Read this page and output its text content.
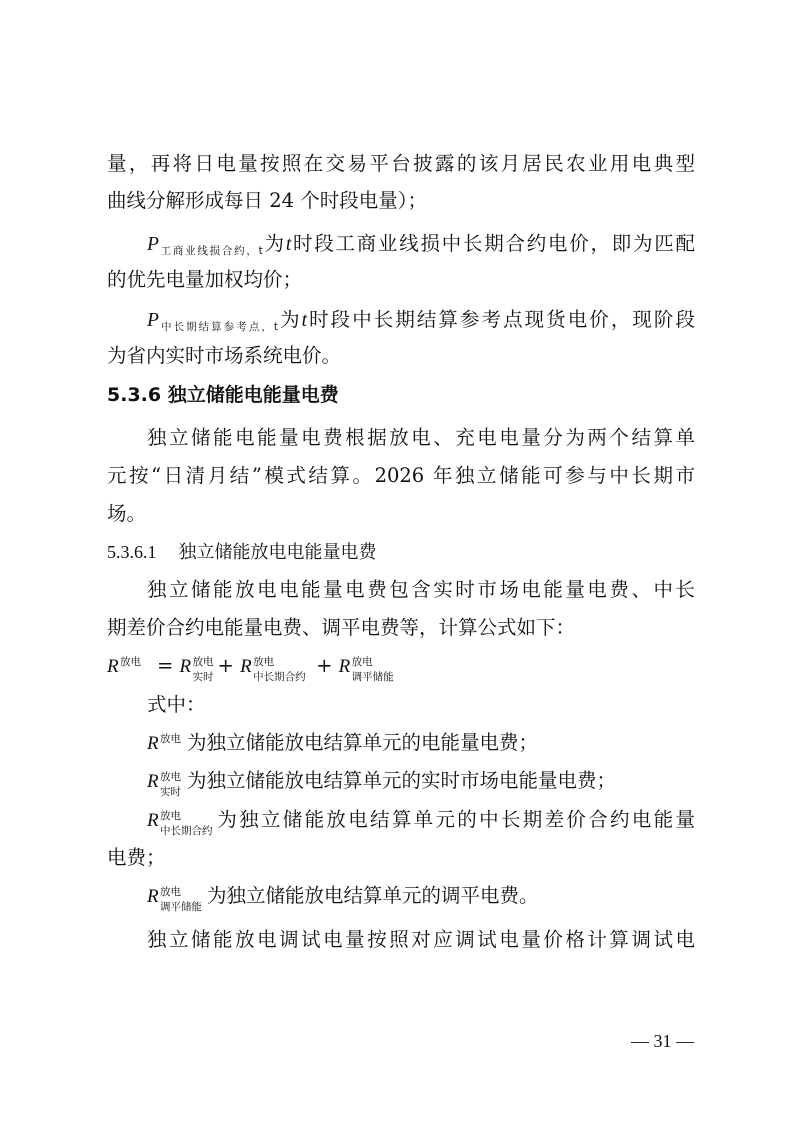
量，再将日电量按照在交易平台披露的该月居民农业用电典型
曲线分解形成每日 24 个时段电量）；
$P_{工商业线损合约,t}$为t时段工商业线损中长期合约电价，即为匹配
的优先电量加权均价；
$P_{中长期结算参考点,t}$为t时段中长期结算参考点现货电价，现阶段
为省内实时市场系统电价。
5.3.6 独立储能电能量电费
独立储能电能量电费根据放电、充电电量分为两个结算单
元按“日清月结”模式结算。2026 年独立储能可参与中长期市
场。
5.3.6.1 独立储能放电电能量电费
独立储能放电电能量电费包含实时市场电能量电费、中长
期差价合约电能量电费、调平电费等，计算公式如下：
R 放电 = R 放电
实时 + R 放电
中长期合约 + R 放电
调平储能
式中：
R 放电 为独立储能放电结算单元的电能量电费；
R 放电
实时 为独立储能放电结算单元的实时市场电能量电费；
R 放电
中长期合约 为独立储能放电结算单元的中长期差价合约电能量
电费；
R 放电
调平储能 为独立储能放电结算单元的调平电费。
独立储能放电调试电量按照对应调试电量价格计算调试电
— 31 —
